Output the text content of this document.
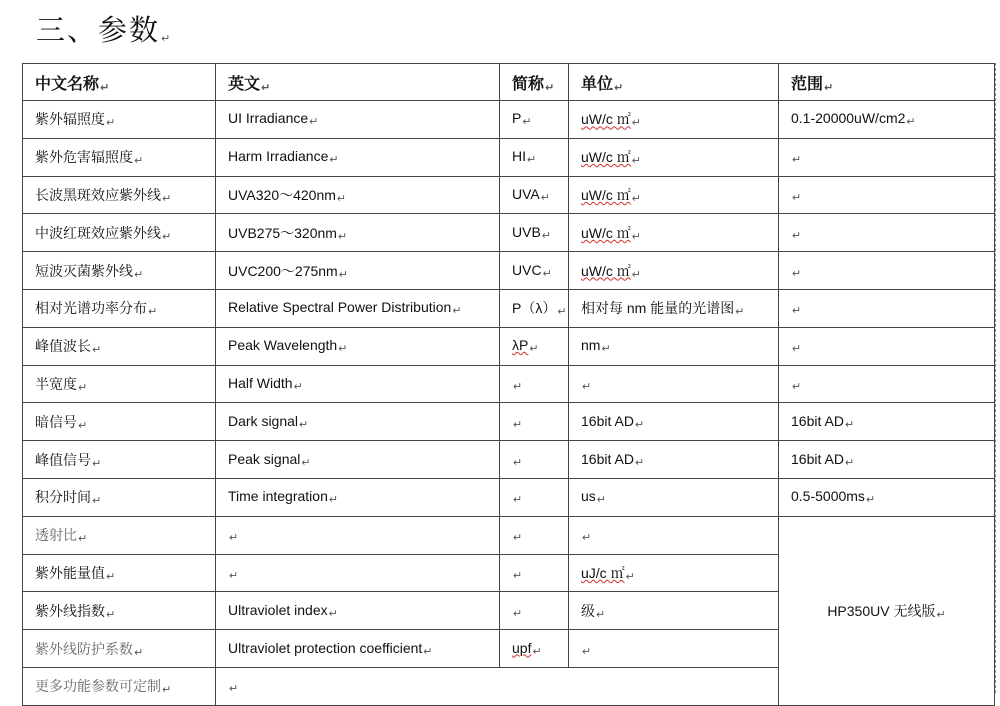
三、参数↵
中文名称↵	英文↵	简称↵	单位↵	范围↵
紫外辐照度↵	UI Irradiance↵	P↵	uW/c ㎡↵	0.1-20000uW/cm2↵
紫外危害辐照度↵	Harm Irradiance↵	HI↵	uW/c ㎡↵	↵
长波黑斑效应紫外线↵	UVA320～420nm↵	UVA↵	uW/c ㎡↵	↵
中波红斑效应紫外线↵	UVB275～320nm↵	UVB↵	uW/c ㎡↵	↵
短波灭菌紫外线↵	UVC200～275nm↵	UVC↵	uW/c ㎡↵	↵
相对光谱功率分布↵	Relative Spectral Power Distribution↵	P（λ）↵	相对每 nm 能量的光谱图↵	↵
峰值波长↵	Peak Wavelength↵	λP↵	nm↵	↵
半宽度↵	Half Width↵	↵	↵	↵
暗信号↵	Dark signal↵	↵	16bit AD↵	16bit AD↵
峰值信号↵	Peak signal↵	↵	16bit AD↵	16bit AD↵
积分时间↵	Time integration↵	↵	us↵	0.5-5000ms↵
透射比↵	↵	↵	↵	HP350UV 无线版↵
紫外能量值↵	↵	↵	uJ/c ㎡↵	
紫外线指数↵	Ultraviolet index↵	↵	级↵	
紫外线防护系数↵	Ultraviolet protection coefficient↵	upf↵	↵	
更多功能参数可定制↵	↵			
